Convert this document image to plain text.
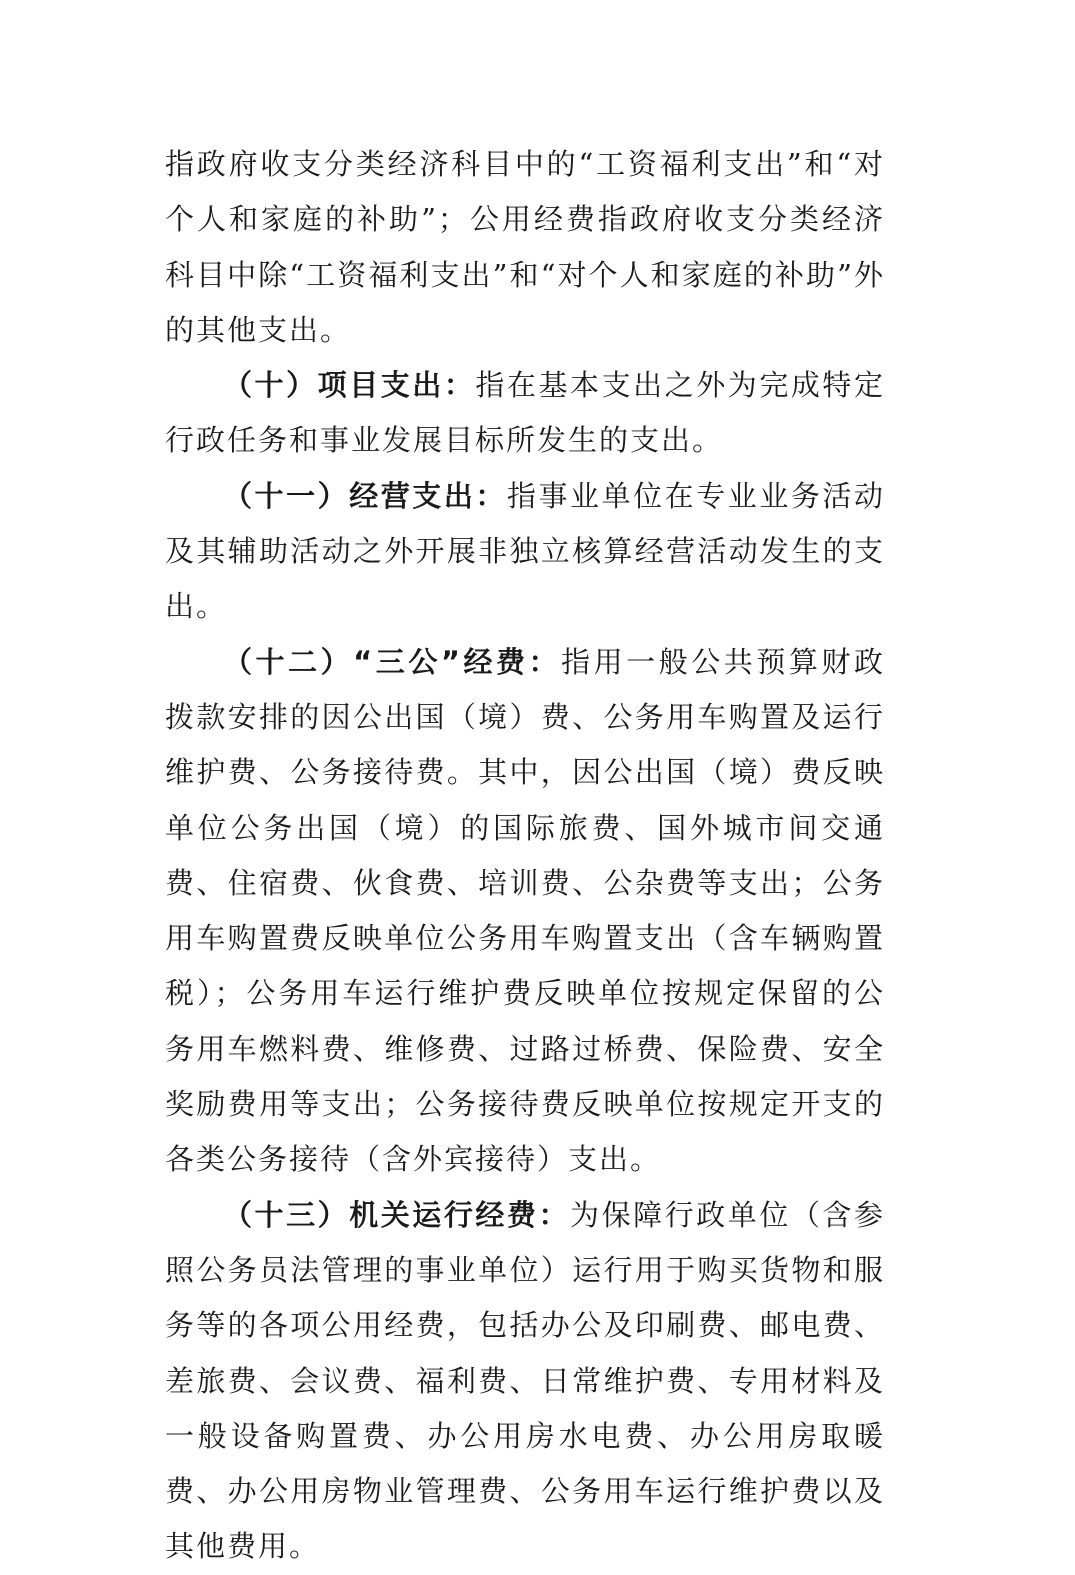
指政府收支分类经济科目中的“工资福利支出”和“对个人和家庭的补助”；公用经费指政府收支分类经济科目中除“工资福利支出”和“对个人和家庭的补助”外的其他支出。

（十）项目支出：指在基本支出之外为完成特定行政任务和事业发展目标所发生的支出。

（十一）经营支出：指事业单位在专业业务活动及其辅助活动之外开展非独立核算经营活动发生的支出。

（十二）“三公”经费：指用一般公共预算财政拨款安排的因公出国（境）费、公务用车购置及运行维护费、公务接待费。其中，因公出国（境）费反映单位公务出国（境）的国际旅费、国外城市间交通费、住宿费、伙食费、培训费、公杂费等支出；公务用车购置费反映单位公务用车购置支出（含车辆购置税）；公务用车运行维护费反映单位按规定保留的公务用车燃料费、维修费、过路过桥费、保险费、安全奖励费用等支出；公务接待费反映单位按规定开支的各类公务接待（含外宾接待）支出。

（十三）机关运行经费：为保障行政单位（含参照公务员法管理的事业单位）运行用于购买货物和服务等的各项公用经费，包括办公及印刷费、邮电费、差旅费、会议费、福利费、日常维护费、专用材料及一般设备购置费、办公用房水电费、办公用房取暖费、办公用房物业管理费、公务用车运行维护费以及其他费用。
